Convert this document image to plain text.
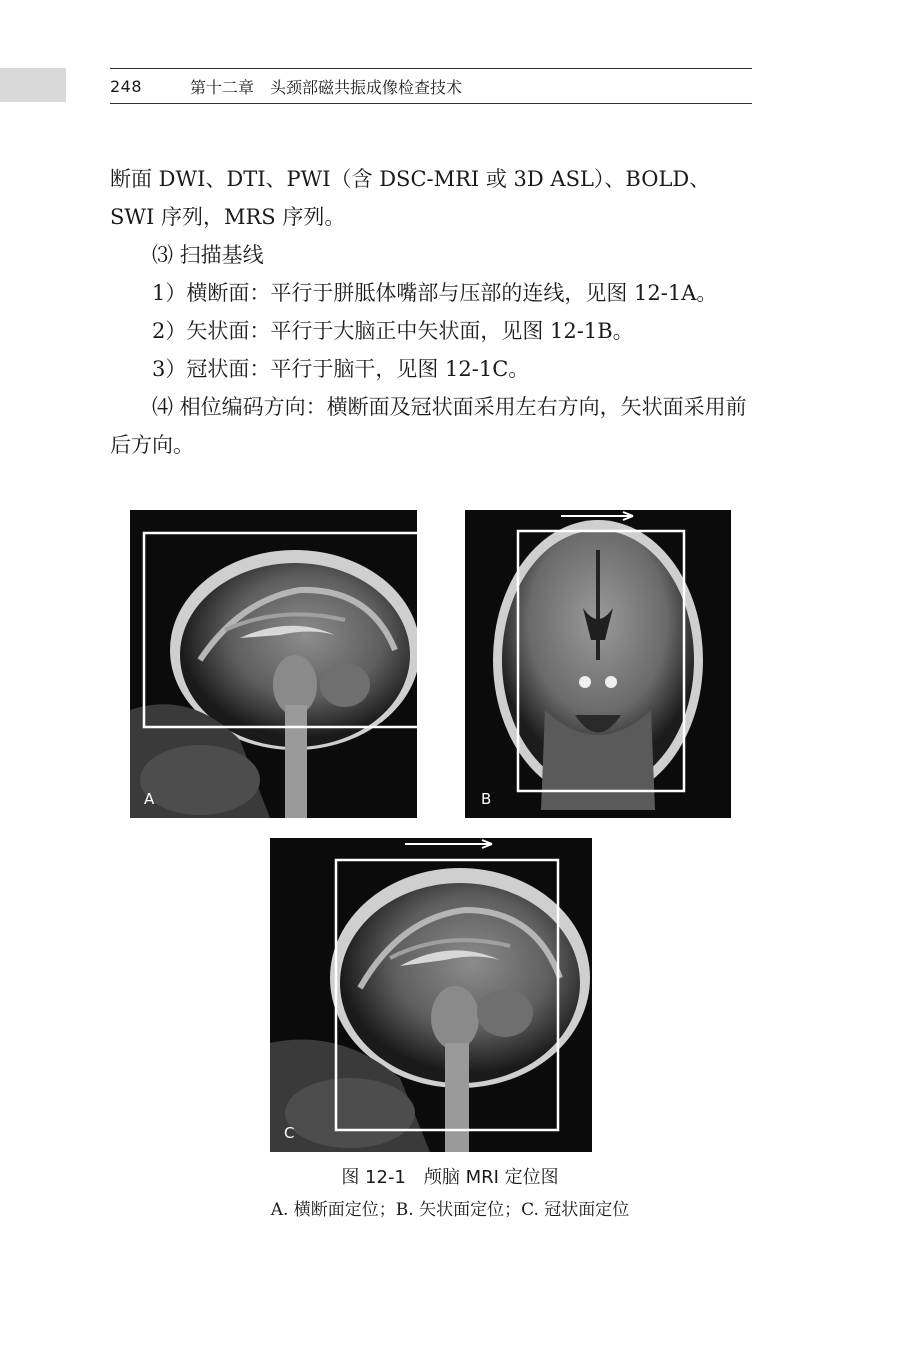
248	第十二章　头颈部磁共振成像检查技术

断面 DWI、DTI、PWI（含 DSC-MRI 或 3D ASL）、BOLD、SWI 序列，MRS 序列。

⑶ 扫描基线

1）横断面：平行于胼胝体嘴部与压部的连线，见图 12-1A。

2）矢状面：平行于大脑正中矢状面，见图 12-1B。

3）冠状面：平行于脑干，见图 12-1C。

⑷ 相位编码方向：横断面及冠状面采用左右方向，矢状面采用前后方向。

A	B
C
图 12-1　颅脑 MRI 定位图
A. 横断面定位；B. 矢状面定位；C. 冠状面定位
